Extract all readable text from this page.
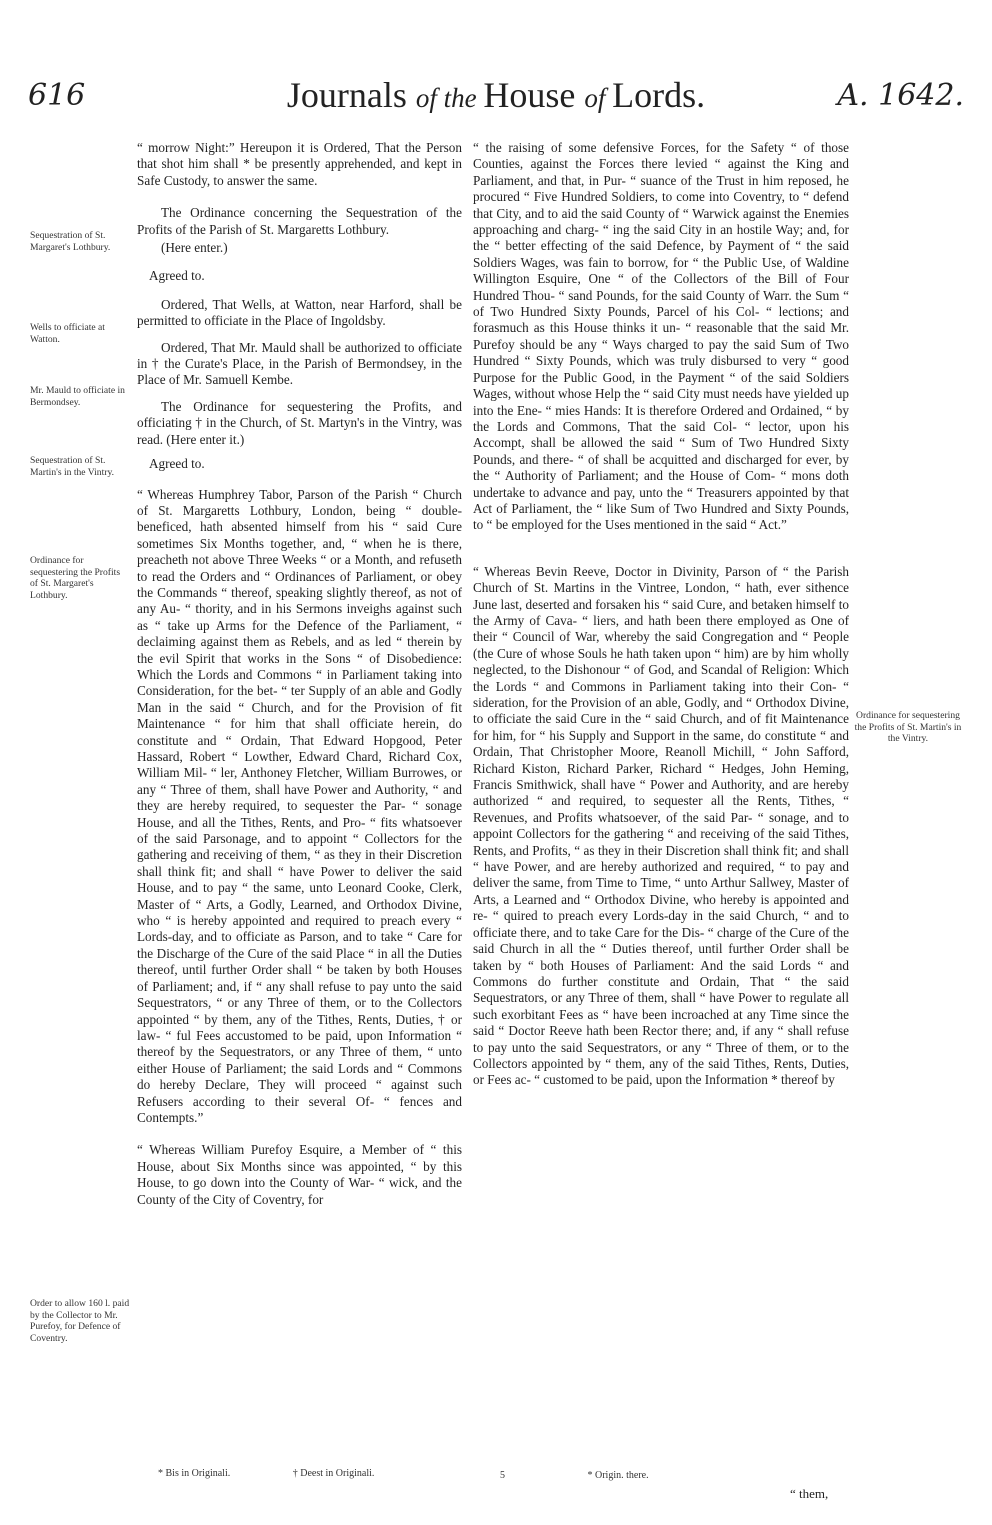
616	Journals of the House of Lords.	A. 1642.
Sequestration of St. Margaret's Lothbury.
Wells to officiate at Watton.
Mr. Mauld to officiate in Bermondsey.
Sequestration of St. Martin's in the Vintry.
Ordinance for sequestering the Profits of St. Margaret's Lothbury.
Order to allow 160 l. paid by the Collector to Mr. Purefoy, for Defence of Coventry.
Ordinance for sequestering the Profits of St. Martin's in the Vintry.

“ morrow Night:” Hereupon it is Ordered, That the Person that shot him shall * be presently apprehended, and kept in Safe Custody, to answer the same.

The Ordinance concerning the Sequestration of the Profits of the Parish of St. Margaretts Lothbury.

(Here enter.)

Agreed to.

Ordered, That Wells, at Watton, near Harford, shall be permitted to officiate in the Place of Ingoldsby.

Ordered, That Mr. Mauld shall be authorized to officiate in † the Curate's Place, in the Parish of Bermondsey, in the Place of Mr. Samuell Kembe.

The Ordinance for sequestering the Profits, and officiating † in the Church, of St. Martyn's in the Vintry, was read. (Here enter it.)

Agreed to.

“ Whereas Humphrey Tabor, Parson of the Parish “ Church of St. Margaretts Lothbury, London, being “ double-beneficed, hath absented himself from his “ said Cure sometimes Six Months together, and, “ when he is there, preacheth not above Three Weeks “ or a Month, and refuseth to read the Orders and “ Ordinances of Parliament, or obey the Commands “ thereof, speaking slightly thereof, as not of any Au- “ thority, and in his Sermons inveighs against such as “ take up Arms for the Defence of the Parliament, “ declaiming against them as Rebels, and as led “ therein by the evil Spirit that works in the Sons “ of Disobedience: Which the Lords and Commons “ in Parliament taking into Consideration, for the bet- “ ter Supply of an able and Godly Man in the said “ Church, and for the Provision of fit Maintenance “ for him that shall officiate herein, do constitute and “ Ordain, That Edward Hopgood, Peter Hassard, Robert “ Lowther, Edward Chard, Richard Cox, William Mil- “ ler, Anthoney Fletcher, William Burrowes, or any “ Three of them, shall have Power and Authority, “ and they are hereby required, to sequester the Par- “ sonage House, and all the Tithes, Rents, and Pro- “ fits whatsoever of the said Parsonage, and to appoint “ Collectors for the gathering and receiving of them, “ as they in their Discretion shall think fit; and shall “ have Power to deliver the said House, and to pay “ the same, unto Leonard Cooke, Clerk, Master of “ Arts, a Godly, Learned, and Orthodox Divine, who “ is hereby appointed and required to preach every “ Lords-day, and to officiate as Parson, and to take “ Care for the Discharge of the Cure of the said Place “ in all the Duties thereof, until further Order shall “ be taken by both Houses of Parliament; and, if “ any shall refuse to pay unto the said Sequestrators, “ or any Three of them, or to the Collectors appointed “ by them, any of the Tithes, Rents, Duties, † or law- “ ful Fees accustomed to be paid, upon Information “ thereof by the Sequestrators, or any Three of them, “ unto either House of Parliament; the said Lords and “ Commons do hereby Declare, They will proceed “ against such Refusers according to their several Of- “ fences and Contempts.”

“ Whereas William Purefoy Esquire, a Member of “ this House, about Six Months since was appointed, “ by this House, to go down into the County of War- “ wick, and the County of the City of Coventry, for

“ the raising of some defensive Forces, for the Safety “ of those Counties, against the Forces there levied “ against the King and Parliament, and that, in Pur- “ suance of the Trust in him reposed, he procured “ Five Hundred Soldiers, to come into Coventry, to “ defend that City, and to aid the said County of “ Warwick against the Enemies approaching and charg- “ ing the said City in an hostile Way; and, for the “ better effecting of the said Defence, by Payment of “ the said Soldiers Wages, was fain to borrow, for “ the Public Use, of Waldine Willington Esquire, One “ of the Collectors of the Bill of Four Hundred Thou- “ sand Pounds, for the said County of Warr. the Sum “ of Two Hundred Sixty Pounds, Parcel of his Col- “ lections; and forasmuch as this House thinks it un- “ reasonable that the said Mr. Purefoy should be any “ Ways charged to pay the said Sum of Two Hundred “ Sixty Pounds, which was truly disbursed to very “ good Purpose for the Public Good, in the Payment “ of the said Soldiers Wages, without whose Help the “ said City must needs have yielded up into the Ene- “ mies Hands: It is therefore Ordered and Ordained, “ by the Lords and Commons, That the said Col- “ lector, upon his Accompt, shall be allowed the said “ Sum of Two Hundred Sixty Pounds, and there- “ of shall be acquitted and discharged for ever, by the “ Authority of Parliament; and the House of Com- “ mons doth undertake to advance and pay, unto the “ Treasurers appointed by that Act of Parliament, the “ like Sum of Two Hundred and Sixty Pounds, to “ be employed for the Uses mentioned in the said “ Act.”

“ Whereas Bevin Reeve, Doctor in Divinity, Parson of “ the Parish Church of St. Martins in the Vintree, London, “ hath, ever sithence June last, deserted and forsaken his “ said Cure, and betaken himself to the Army of Cava- “ liers, and hath been there employed as One of their “ Council of War, whereby the said Congregation and “ People (the Cure of whose Souls he hath taken upon “ him) are by him wholly neglected, to the Dishonour “ of God, and Scandal of Religion: Which the Lords “ and Commons in Parliament taking into their Con- “ sideration, for the Provision of an able, Godly, and “ Orthodox Divine, to officiate the said Cure in the “ said Church, and of fit Maintenance for him, for “ his Supply and Support in the same, do constitute “ and Ordain, That Christopher Moore, Reanoll Michill, “ John Safford, Richard Kiston, Richard Parker, Richard “ Hedges, John Heming, Francis Smithwick, shall have “ Power and Authority, and are hereby authorized “ and required, to sequester all the Rents, Tithes, “ Revenues, and Profits whatsoever, of the said Par- “ sonage, and to appoint Collectors for the gathering “ and receiving of the said Tithes, Rents, and Profits, “ as they in their Discretion shall think fit; and shall “ have Power, and are hereby authorized and required, “ to pay and deliver the same, from Time to Time, “ unto Arthur Sallwey, Master of Arts, a Learned and “ Orthodox Divine, who hereby is appointed and re- “ quired to preach every Lords-day in the said Church, “ and to officiate there, and to take Care for the Dis- “ charge of the Cure of the said Church in all the “ Duties thereof, until further Order shall be taken by “ both Houses of Parliament: And the said Lords “ and Commons do further constitute and Ordain, That “ the said Sequestrators, or any Three of them, shall “ have Power to regulate all such exorbitant Fees as “ have been incroached at any Time since the said “ Doctor Reeve hath been Rector there; and, if any “ shall refuse to pay unto the said Sequestrators, or any “ Three of them, or to the Collectors appointed by “ them, any of the said Tithes, Rents, Duties, or Fees ac- “ customed to be paid, upon the Information * thereof by

* Bis in Originali.	† Deest in Originali.	5	* Origin. there.
“ them,
